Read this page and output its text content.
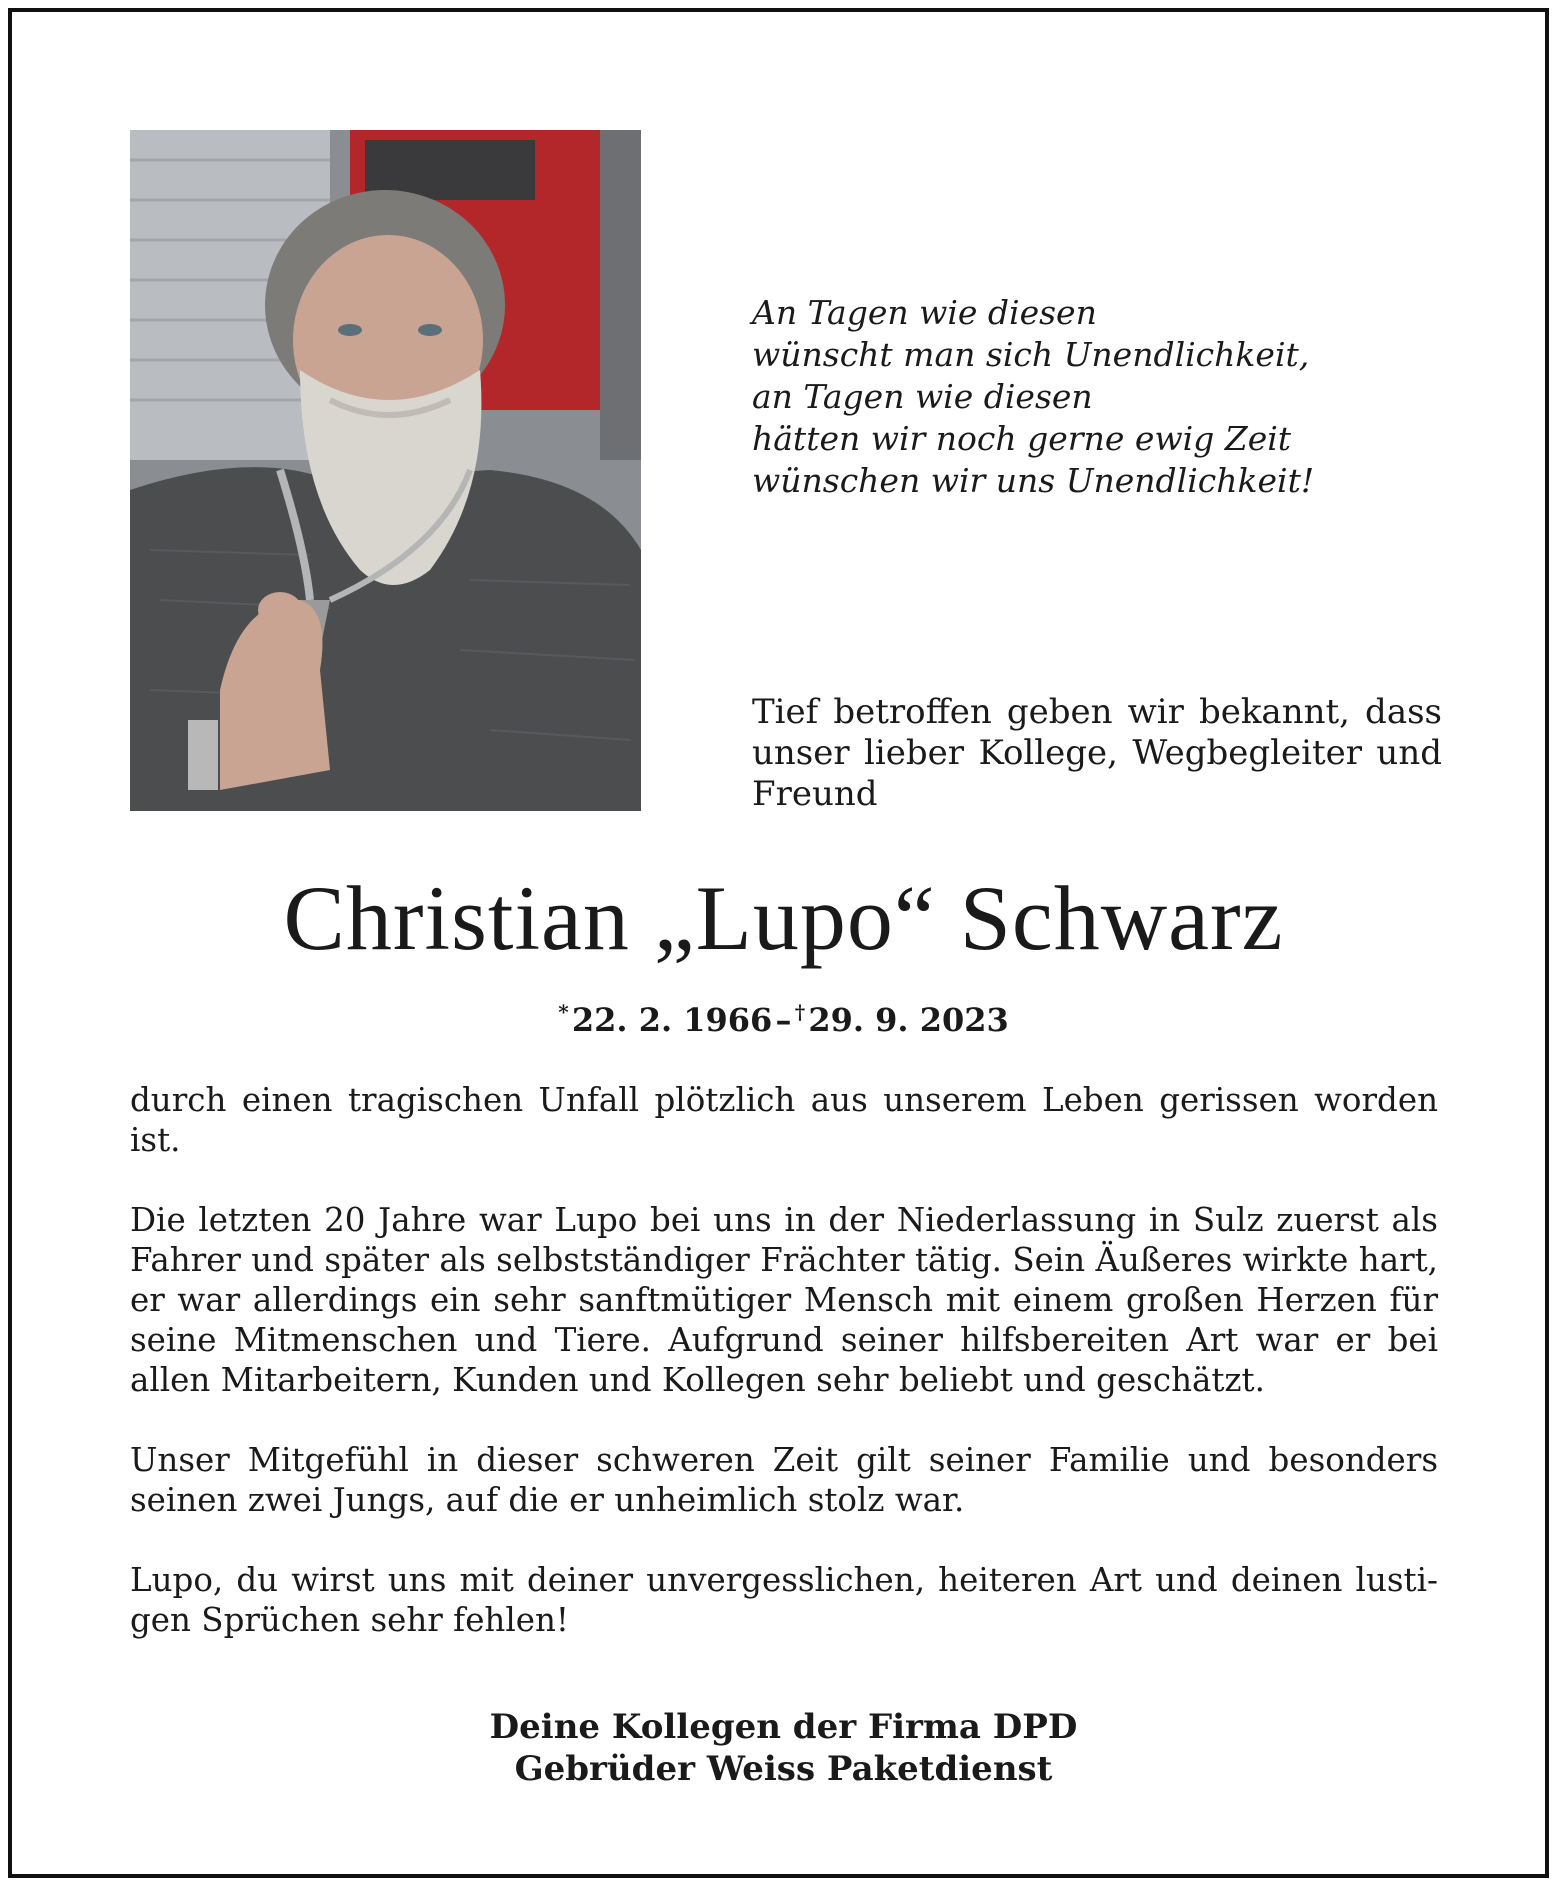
An Tagen wie diesen
wünscht man sich Unendlichkeit,
an Tagen wie diesen
hätten wir noch gerne ewig Zeit
wünschen wir uns Unendlichkeit!
Tief betroffen geben wir bekannt, dass unser lieber Kollege, Wegbegleiter und Freund
Christian „Lupo“ Schwarz
* 22. 2. 1966 –  † 29. 9. 2023

durch einen tragischen Unfall plötzlich aus unserem Leben gerissen worden ist.

Die letzten 20 Jahre war Lupo bei uns in der Niederlassung in Sulz zuerst als Fahrer und später als selbstständiger Frächter tätig. Sein Äußeres wirkte hart, er war allerdings ein sehr sanftmütiger Mensch mit einem großen Herzen für seine Mitmenschen und Tiere. Aufgrund seiner hilfsbereiten Art war er bei allen Mitarbeitern, Kunden und Kollegen sehr beliebt und geschätzt.

Unser Mitgefühl in dieser schweren Zeit gilt seiner Familie und besonders seinen zwei Jungs, auf die er unheimlich stolz war.

Lupo, du wirst uns mit deiner unvergesslichen, heiteren Art und deinen lustigen Sprüchen sehr fehlen!

Deine Kollegen der Firma DPD
Gebrüder Weiss Paketdienst
